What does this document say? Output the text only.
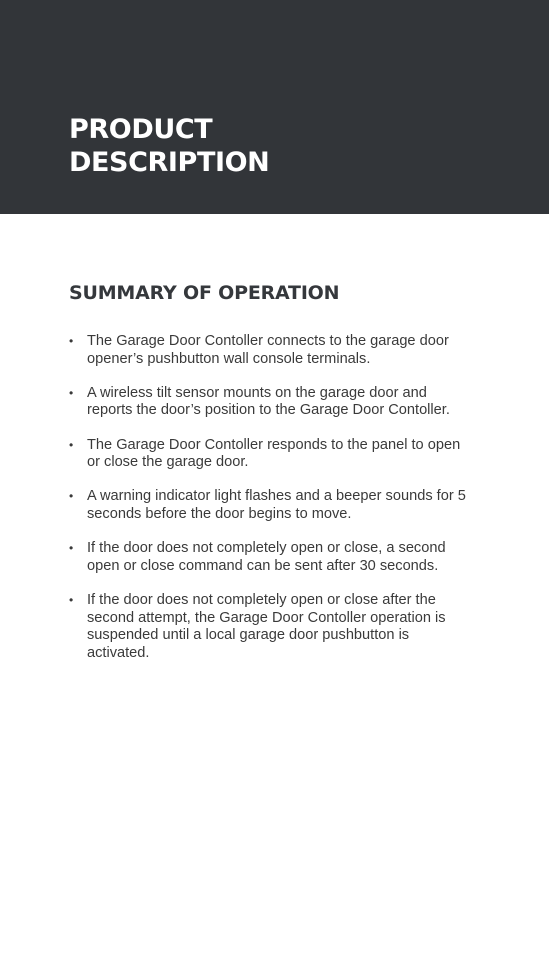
PRODUCT
DESCRIPTION
SUMMARY OF OPERATION
• The Garage Door Contoller connects to the garage door opener’s pushbutton wall console terminals.
• A wireless tilt sensor mounts on the garage door and reports the door’s position to the Garage Door Contoller.
• The Garage Door Contoller responds to the panel to open or close the garage door.
• A warning indicator light flashes and a beeper sounds for 5 seconds before the door begins to move.
• If the door does not completely open or close, a second open or close command can be sent after 30 seconds.
• If the door does not completely open or close after the second attempt, the Garage Door Contoller operation is suspended until a local garage door pushbutton is activated.
